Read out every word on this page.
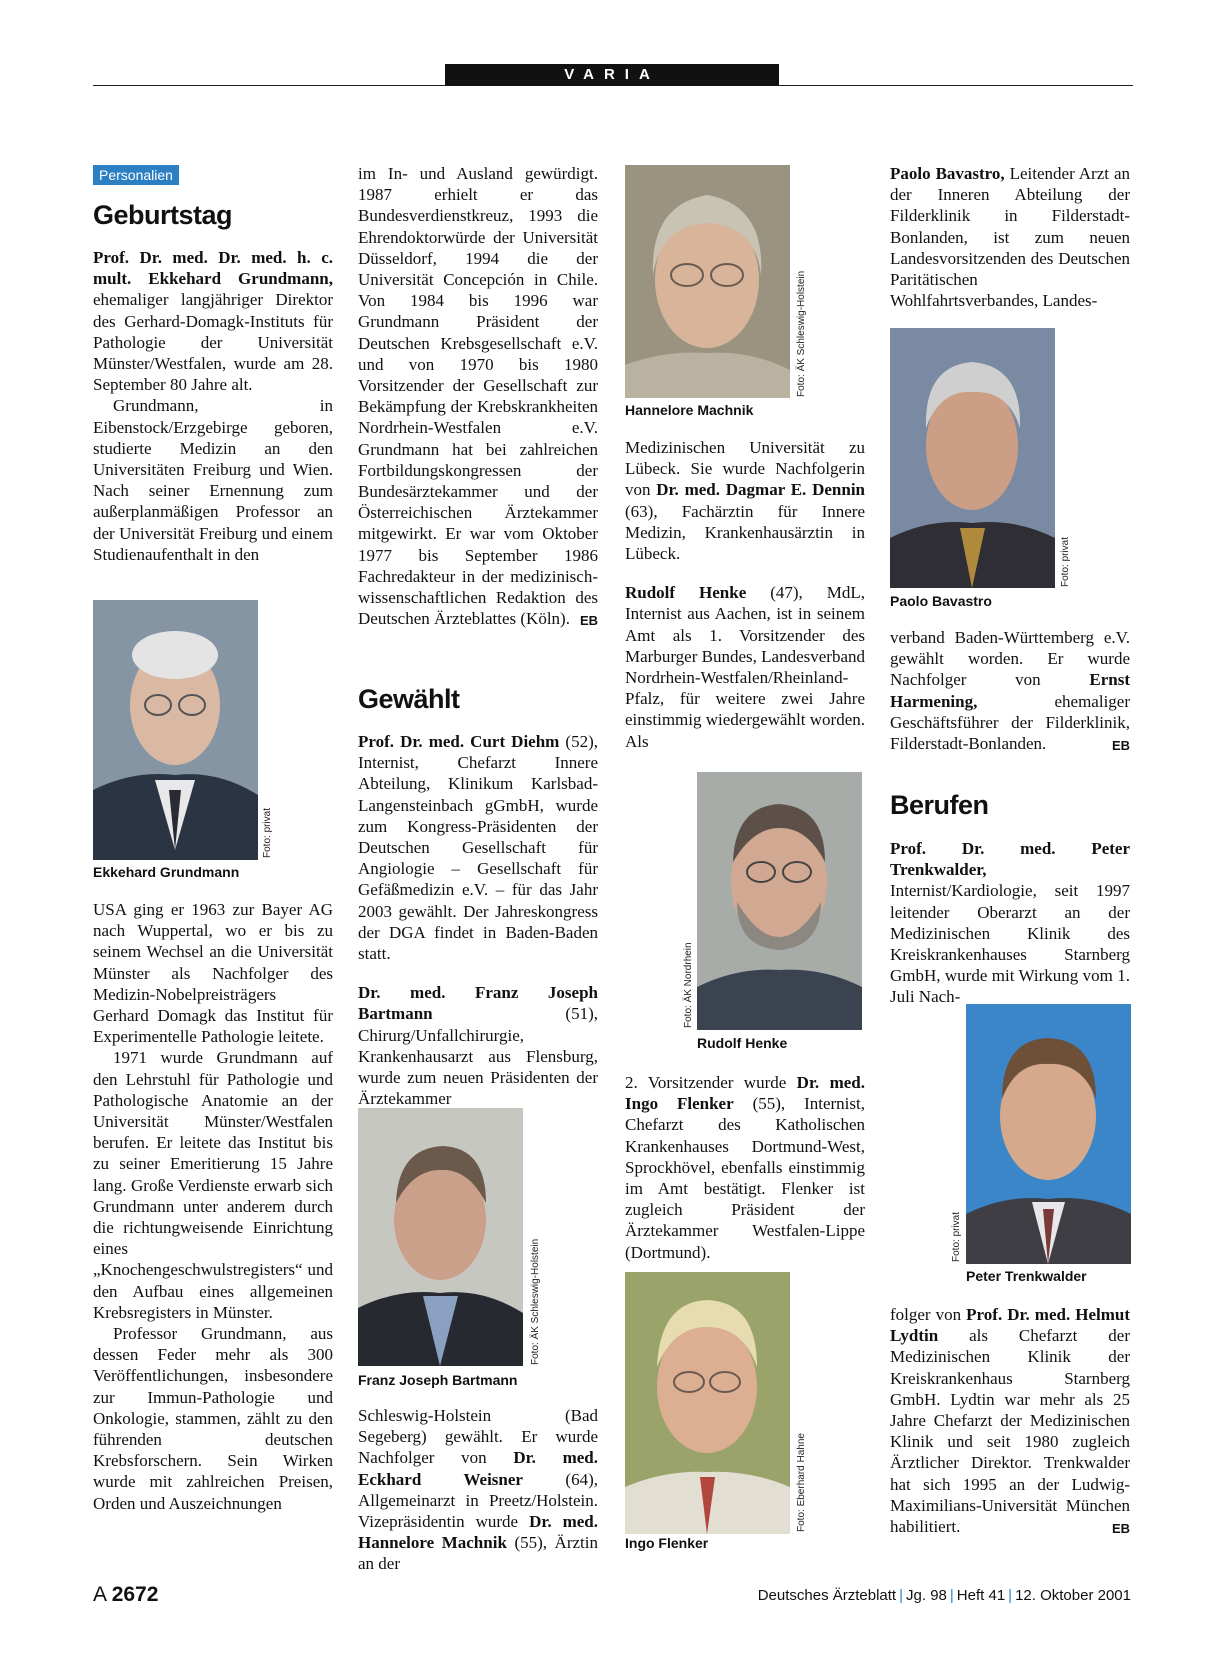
VARIA
Personalien
Geburtstag

Prof. Dr. med. Dr. med. h. c. mult. Ekkehard Grundmann, ehemaliger langjähriger Direktor des Gerhard-Domagk-Instituts für Pathologie der Universität Münster/Westfalen, wurde am 28. September 80 Jahre alt.

Grundmann, in Eibenstock/Erzgebirge geboren, studierte Medizin an den Universitäten Freiburg und Wien. Nach seiner Ernennung zum außerplanmäßigen Professor an der Universität Freiburg und einem Studienaufenthalt in den

Foto: privat
Ekkehard Grundmann

USA ging er 1963 zur Bayer AG nach Wuppertal, wo er bis zu seinem Wechsel an die Universität Münster als Nachfolger des Medizin-Nobelpreisträgers Gerhard Domagk das Institut für Experimentelle Pathologie leitete.

1971 wurde Grundmann auf den Lehrstuhl für Pathologie und Pathologische Anatomie an der Universität Münster/Westfalen berufen. Er leitete das Institut bis zu seiner Emeritierung 15 Jahre lang. Große Verdienste erwarb sich Grundmann unter anderem durch die richtungweisende Einrichtung eines „Knochengeschwulstregisters“ und den Aufbau eines allgemeinen Krebsregisters in Münster.

Professor Grundmann, aus dessen Feder mehr als 300 Veröffentlichungen, insbesondere zur Immun-Pathologie und Onkologie, stammen, zählt zu den führenden deutschen Krebsforschern. Sein Wirken wurde mit zahlreichen Preisen, Orden und Auszeichnungen

im In- und Ausland gewürdigt. 1987 erhielt er das Bundesverdienstkreuz, 1993 die Ehrendoktorwürde der Universität Düsseldorf, 1994 die der Universität Concepción in Chile. Von 1984 bis 1996 war Grundmann Präsident der Deutschen Krebsgesellschaft e.V. und von 1970 bis 1980 Vorsitzender der Gesellschaft zur Bekämpfung der Krebskrankheiten Nordrhein-Westfalen e.V. Grundmann hat bei zahlreichen Fortbildungskongressen der Bundesärztekammer und der Österreichischen Ärztekammer mitgewirkt. Er war vom Oktober 1977 bis September 1986 Fachredakteur in der medizinisch-wissenschaftlichen Redaktion des Deutschen Ärzteblattes (Köln). EB

Gewählt

Prof. Dr. med. Curt Diehm (52), Internist, Chefarzt Innere Abteilung, Klinikum Karlsbad-Langensteinbach gGmbH, wurde zum Kongress-Präsidenten der Deutschen Gesellschaft für Angiologie – Gesellschaft für Gefäßmedizin e.V. – für das Jahr 2003 gewählt. Der Jahreskongress der DGA findet in Baden-Baden statt.

Dr. med. Franz Joseph Bartmann (51), Chirurg/Unfallchirurgie, Krankenhausarzt aus Flensburg, wurde zum neuen Präsidenten der Ärztekammer

Foto: ÄK Schleswig-Holstein
Franz Joseph Bartmann

Schleswig-Holstein (Bad Segeberg) gewählt. Er wurde Nachfolger von Dr. med. Eckhard Weisner (64), Allgemeinarzt in Preetz/Holstein. Vizepräsidentin wurde Dr. med. Hannelore Machnik (55), Ärztin an der

Foto: ÄK Schleswig-Holstein
Hannelore Machnik

Medizinischen Universität zu Lübeck. Sie wurde Nachfolgerin von Dr. med. Dagmar E. Dennin (63), Fachärztin für Innere Medizin, Krankenhausärztin in Lübeck.

Rudolf Henke (47), MdL, Internist aus Aachen, ist in seinem Amt als 1. Vorsitzender des Marburger Bundes, Landesverband Nordrhein-Westfalen/Rheinland-Pfalz, für weitere zwei Jahre einstimmig wiedergewählt worden. Als

Foto: ÄK Nordrhein
Rudolf Henke

2. Vorsitzender wurde Dr. med. Ingo Flenker (55), Internist, Chefarzt des Katholischen Krankenhauses Dortmund-West, Sprockhövel, ebenfalls einstimmig im Amt bestätigt. Flenker ist zugleich Präsident der Ärztekammer Westfalen-Lippe (Dortmund).

Foto: Eberhard Hahne
Ingo Flenker

Paolo Bavastro, Leitender Arzt an der Inneren Abteilung der Filderklinik in Filderstadt-Bonlanden, ist zum neuen Landesvorsitzenden des Deutschen Paritätischen Wohlfahrtsverbandes, Landes-

Foto: privat
Paolo Bavastro

verband Baden-Württemberg e.V. gewählt worden. Er wurde Nachfolger von Ernst Harmening, ehemaliger Geschäftsführer der Filderklinik, Filderstadt-Bonlanden.	EB

Berufen

Prof. Dr. med. Peter Trenkwalder, Internist/Kardiologie, seit 1997 leitender Oberarzt an der Medizinischen Klinik des Kreiskrankenhauses Starnberg GmbH, wurde mit Wirkung vom 1. Juli Nach-

Foto: privat
Peter Trenkwalder

folger von Prof. Dr. med. Helmut Lydtin als Chefarzt der Medizinischen Klinik der Kreiskrankenhaus Starnberg GmbH. Lydtin war mehr als 25 Jahre Chefarzt der Medizinischen Klinik und seit 1980 zugleich Ärztlicher Direktor. Trenkwalder hat sich 1995 an der Ludwig-Maximilians-Universität München habilitiert.	EB

A 2672	Deutsches Ärzteblatt | Jg. 98 | Heft 41 | 12. Oktober 2001
